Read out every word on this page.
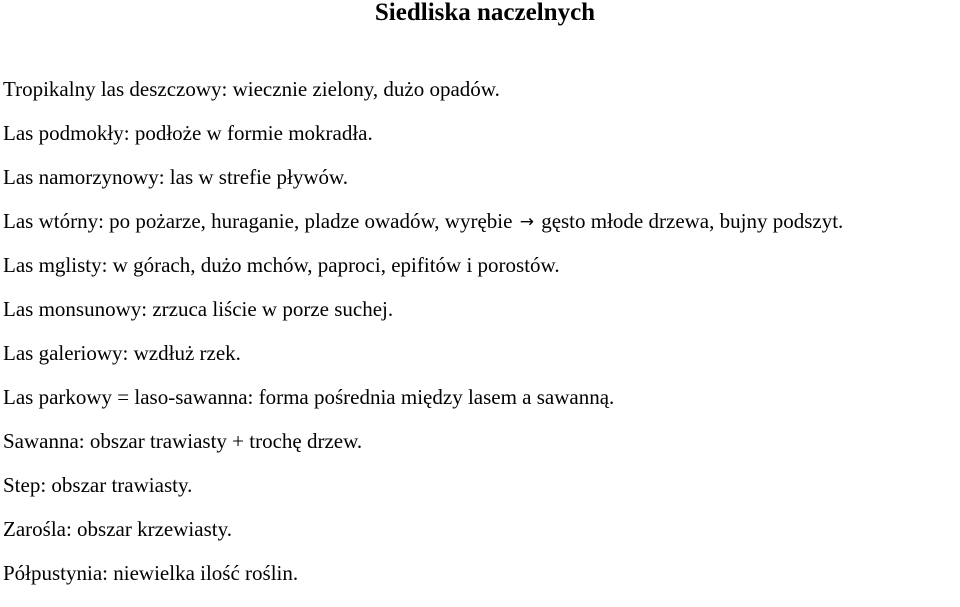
Siedliska naczelnych
Tropikalny las deszczowy: wiecznie zielony, dużo opadów.
Las podmokły: podłoże w formie mokradła.
Las namorzynowy: las w strefie pływów.
Las wtórny: po pożarze, huraganie, pladze owadów, wyrębie → gęsto młode drzewa, bujny podszyt.
Las mglisty: w górach, dużo mchów, paproci, epifitów i porostów.
Las monsunowy: zrzuca liście w porze suchej.
Las galeriowy: wzdłuż rzek.
Las parkowy = laso-sawanna: forma pośrednia między lasem a sawanną.
Sawanna: obszar trawiasty + trochę drzew.
Step: obszar trawiasty.
Zarośla: obszar krzewiasty.
Półpustynia: niewielka ilość roślin.
